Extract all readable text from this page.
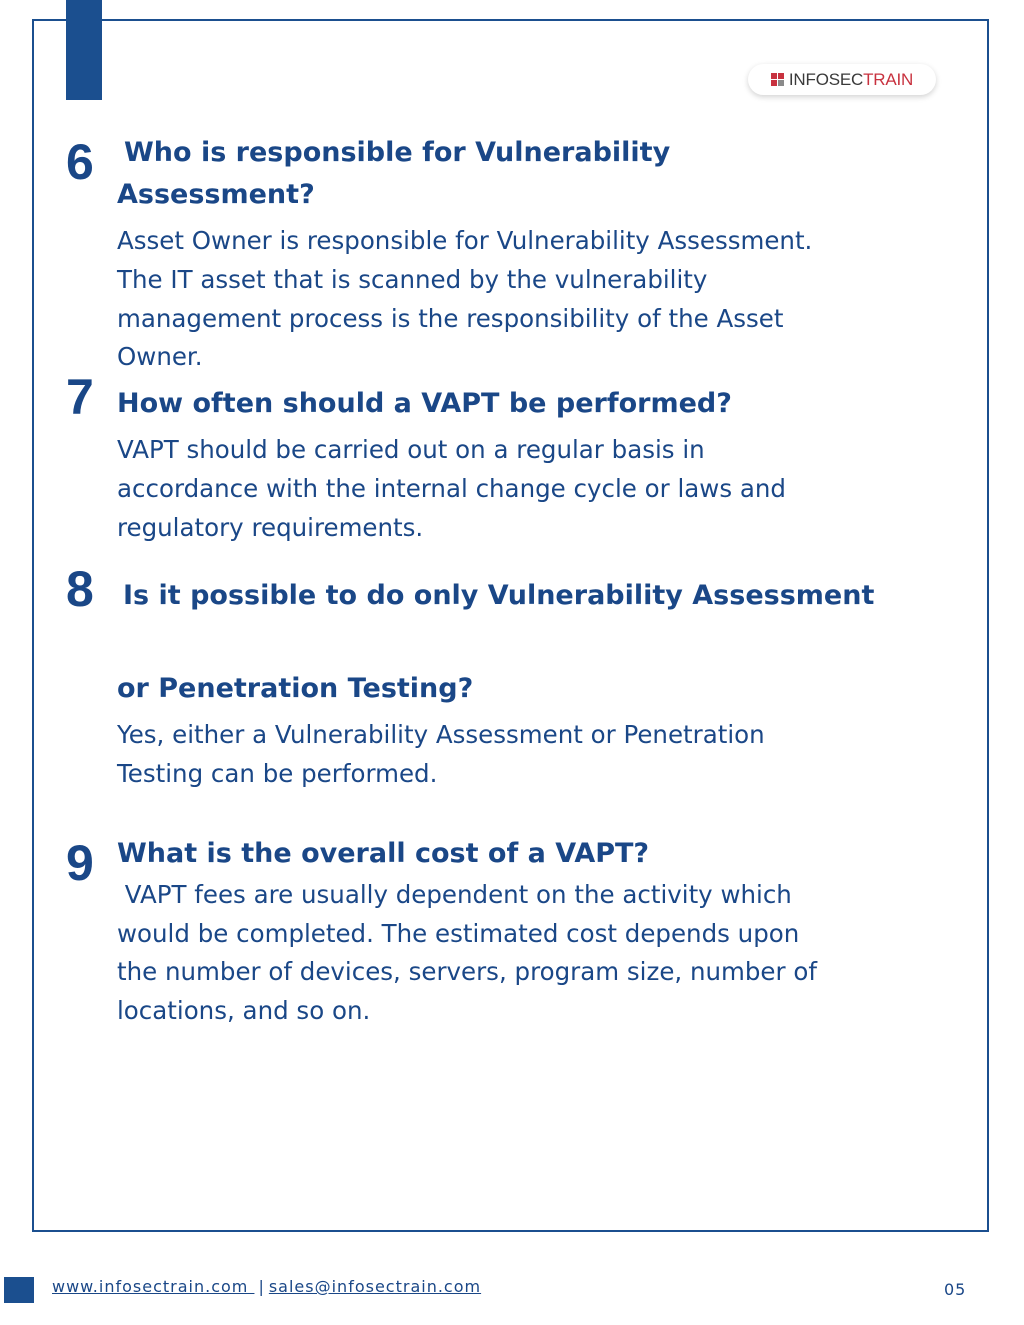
INFOSECTRAIN
6 Who is responsible for Vulnerability
Assessment?
Asset Owner is responsible for Vulnerability Assessment.
The IT asset that is scanned by the vulnerability
management process is the responsibility of the Asset
Owner.
7 How often should a VAPT be performed?
VAPT should be carried out on a regular basis in
accordance with the internal change cycle or laws and
regulatory requirements.
8 Is it possible to do only Vulnerability Assessment
or Penetration Testing?
Yes, either a Vulnerability Assessment or Penetration
Testing can be performed.
9 What is the overall cost of a VAPT?
VAPT fees are usually dependent on the activity which
would be completed. The estimated cost depends upon
the number of devices, servers, program size, number of
locations, and so on.
www.infosectrain.com | sales@infosectrain.com	05
